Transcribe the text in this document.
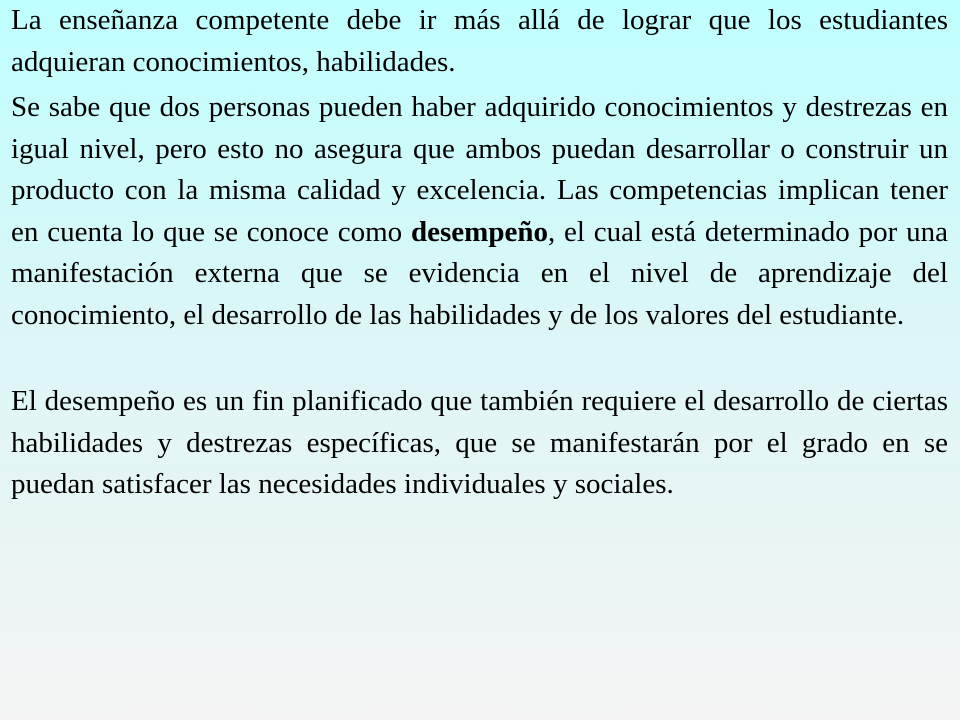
La enseñanza competente debe ir más allá de lograr que los estudiantes adquieran conocimientos, habilidades.

Se sabe que dos personas pueden haber adquirido conocimientos y destrezas en igual nivel, pero esto no asegura que ambos puedan desarrollar o construir un producto con la misma calidad y excelencia. Las competencias implican tener en cuenta lo que se conoce como desempeño, el cual está determinado por una manifestación externa que se evidencia en el nivel de aprendizaje del conocimiento, el desarrollo de las habilidades y de los valores del estudiante.

El desempeño es un fin planificado que también requiere el desarrollo de ciertas habilidades y destrezas específicas, que se manifestarán por el grado en se puedan satisfacer las necesidades individuales y sociales.
